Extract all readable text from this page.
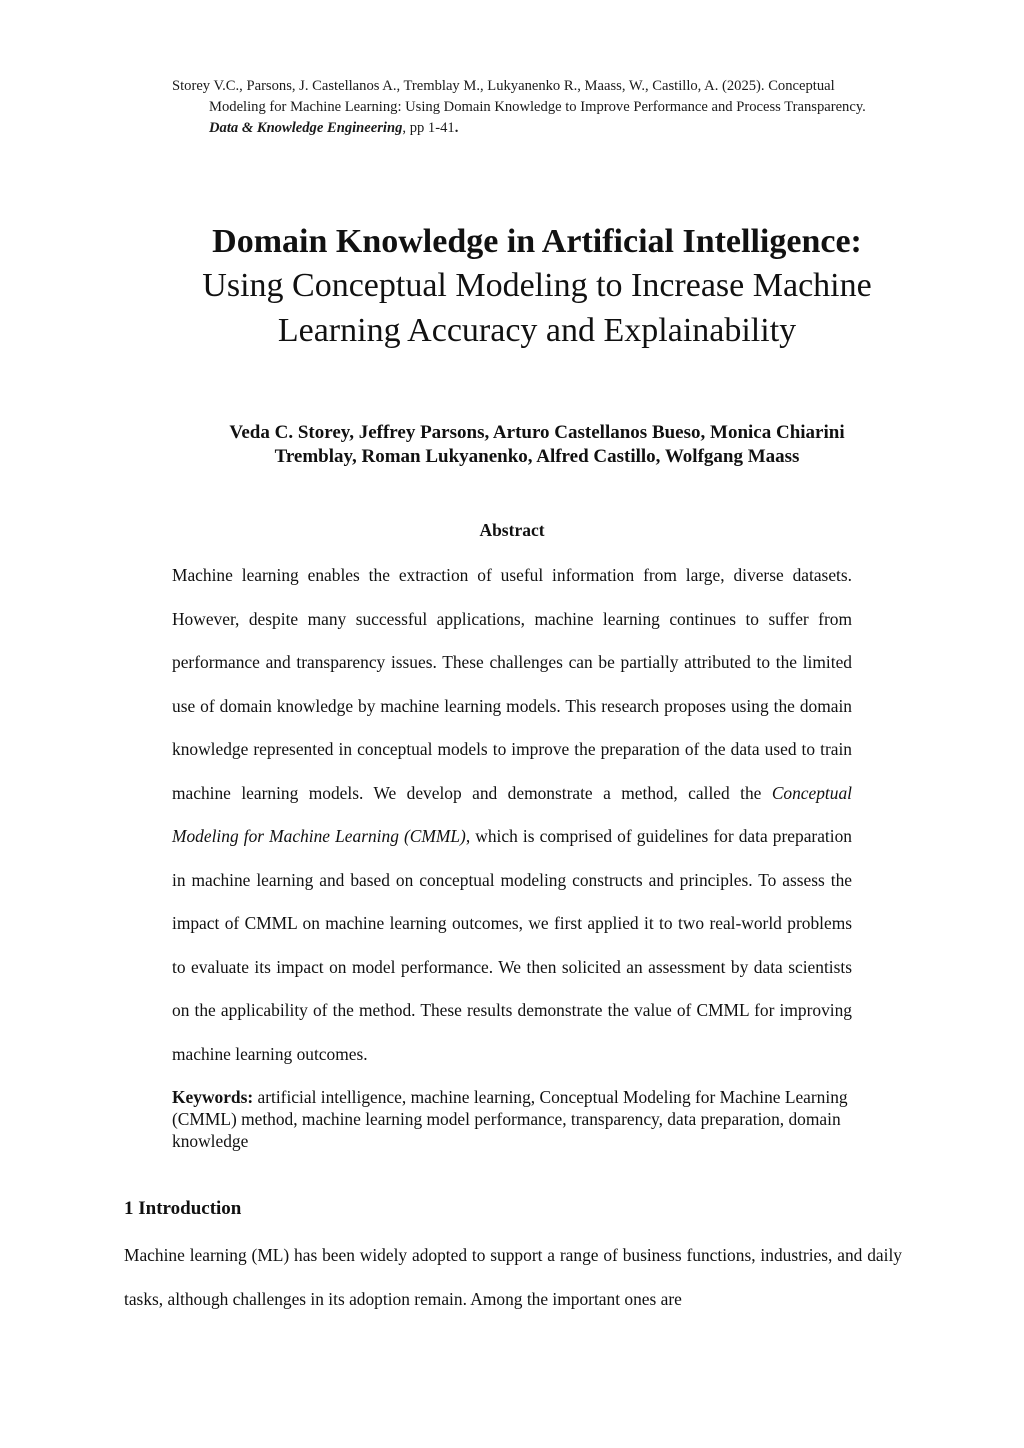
Storey V.C., Parsons, J. Castellanos A., Tremblay M., Lukyanenko R., Maass, W., Castillo, A. (2025). Conceptual
Modeling for Machine Learning: Using Domain Knowledge to Improve Performance and Process Transparency.
Data & Knowledge Engineering, pp 1-41.

Domain Knowledge in Artificial Intelligence:

Using Conceptual Modeling to Increase Machine

Learning Accuracy and Explainability

Veda C. Storey, Jeffrey Parsons, Arturo Castellanos Bueso, Monica Chiarini
Tremblay, Roman Lukyanenko, Alfred Castillo, Wolfgang Maass
Abstract

Machine learning enables the extraction of useful information from large, diverse datasets. However, despite many successful applications, machine learning continues to suffer from performance and transparency issues. These challenges can be partially attributed to the limited use of domain knowledge by machine learning models. This research proposes using the domain knowledge represented in conceptual models to improve the preparation of the data used to train machine learning models. We develop and demonstrate a method, called the Conceptual Modeling for Machine Learning (CMML), which is comprised of guidelines for data preparation in machine learning and based on conceptual modeling constructs and principles. To assess the impact of CMML on machine learning outcomes, we first applied it to two real-world problems to evaluate its impact on model performance. We then solicited an assessment by data scientists on the applicability of the method. These results demonstrate the value of CMML for improving machine learning outcomes.

Keywords: artificial intelligence, machine learning, Conceptual Modeling for Machine Learning (CMML) method, machine learning model performance, transparency, data preparation, domain knowledge

1 Introduction

Machine learning (ML) has been widely adopted to support a range of business functions, industries, and daily tasks, although challenges in its adoption remain. Among the important ones are
